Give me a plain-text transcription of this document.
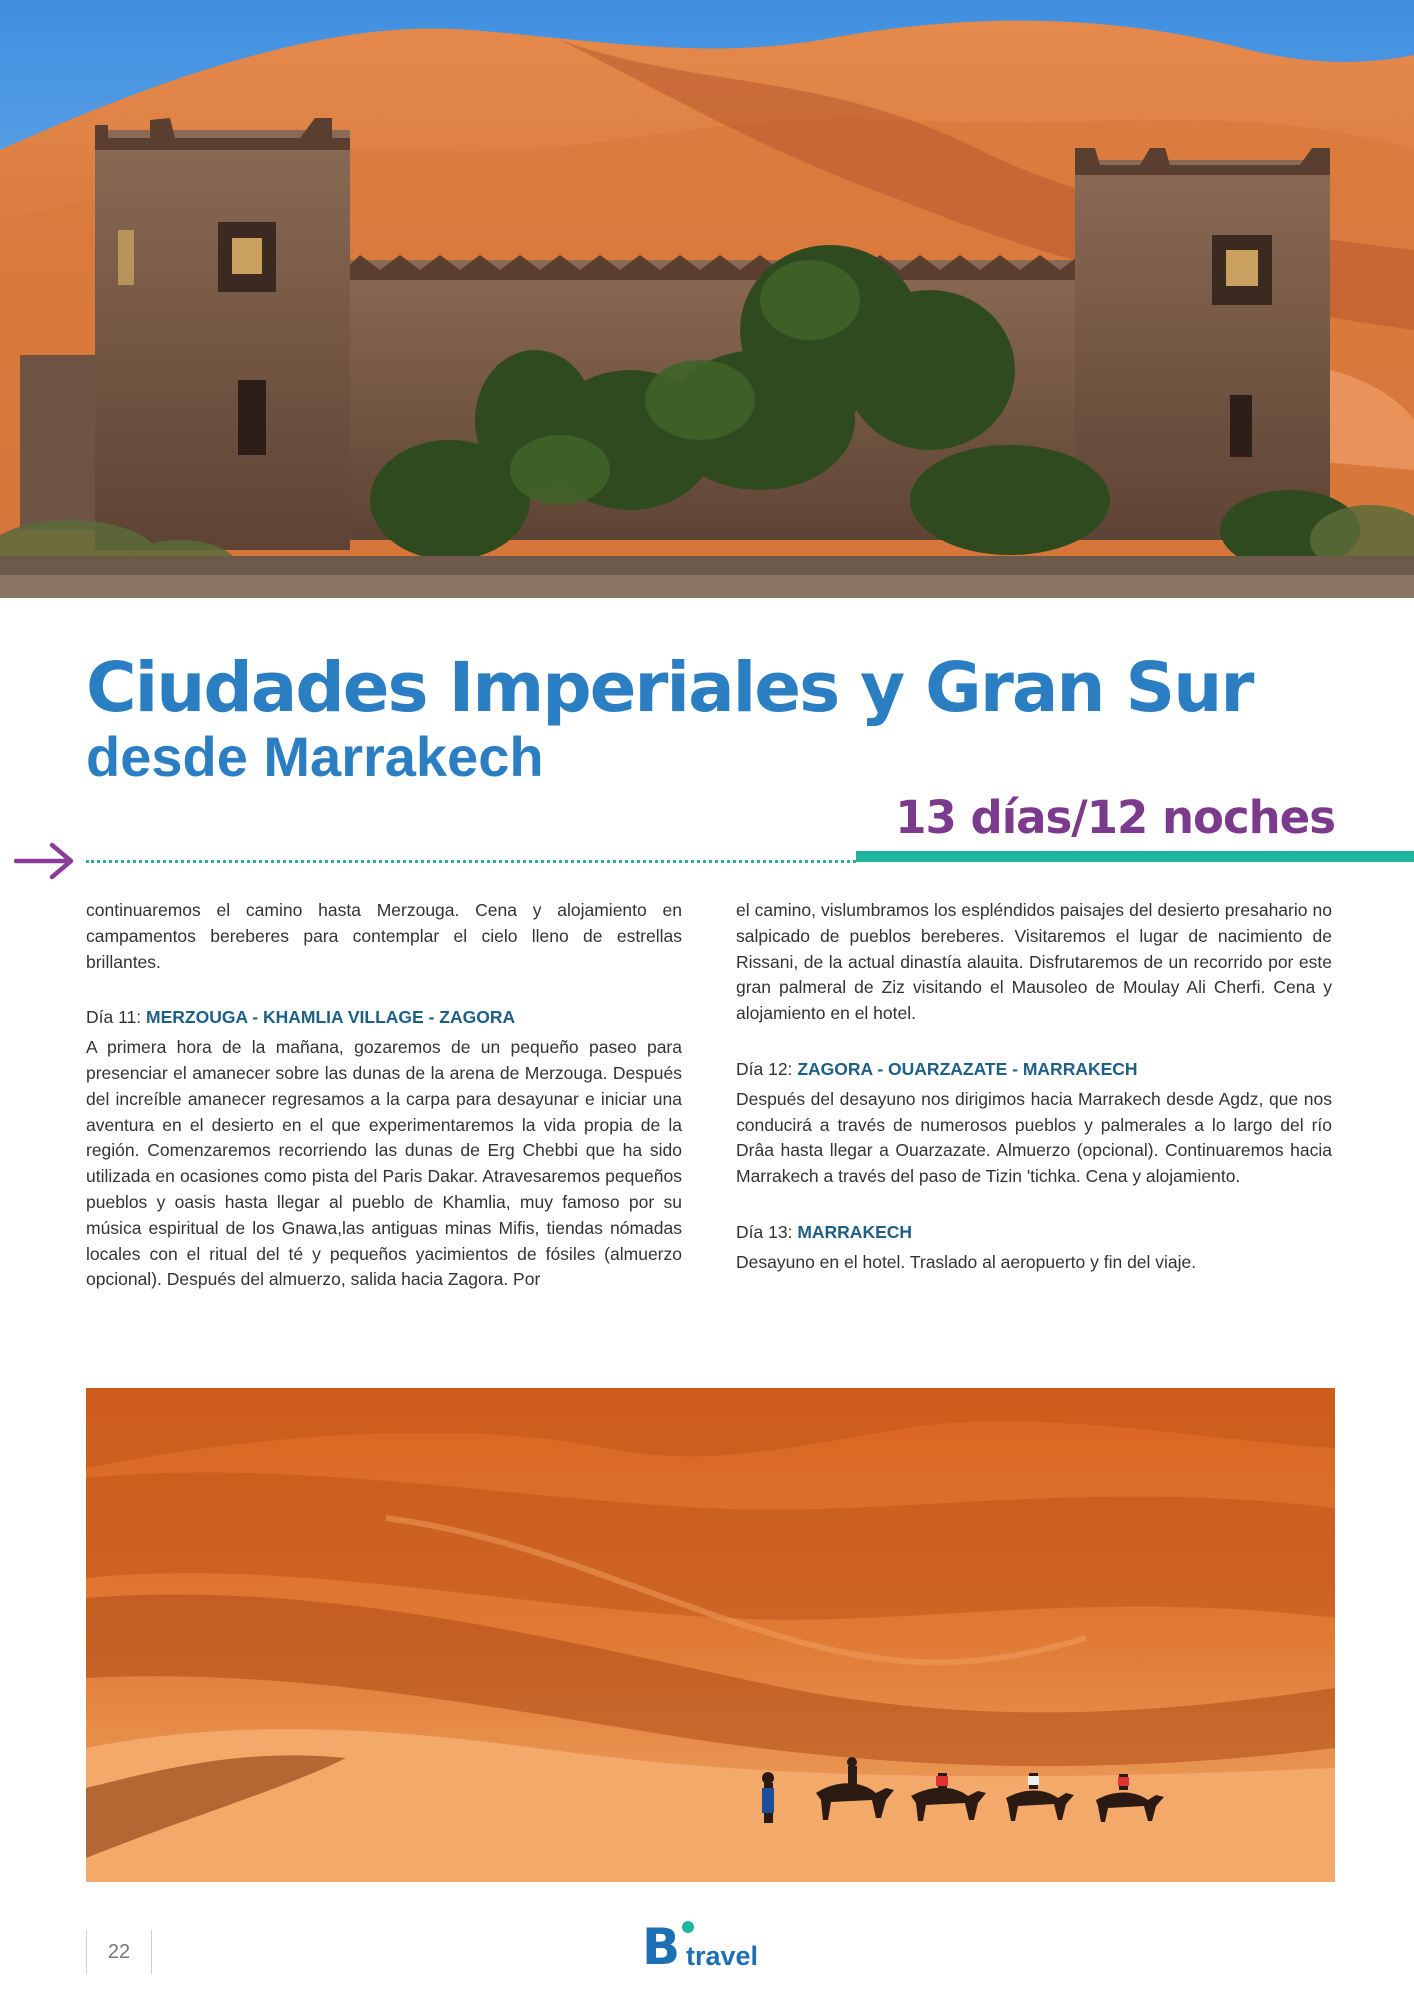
Ciudades Imperiales y Gran Sur
desde Marrakech
13 días/12 noches

continuaremos el camino hasta Merzouga. Cena y alojamiento en campamentos bereberes para contemplar el cielo lleno de estrellas brillantes.

Día 11: MERZOUGA - KHAMLIA VILLAGE - ZAGORA

A primera hora de la mañana, gozaremos de un pequeño paseo para presenciar el amanecer sobre las dunas de la arena de Merzouga. Después del increíble amanecer regresamos a la carpa para desayunar e iniciar una aventura en el desierto en el que experimentaremos la vida propia de la región. Comenzaremos recorriendo las dunas de Erg Chebbi que ha sido utilizada en ocasiones como pista del Paris Dakar. Atravesaremos pequeños pueblos y oasis hasta llegar al pueblo de Khamlia, muy famoso por su música espiritual de los Gnawa,las antiguas minas Mifis, tiendas nómadas locales con el ritual del té y pequeños yacimientos de fósiles (almuerzo opcional). Después del almuerzo, salida hacia Zagora. Por

el camino, vislumbramos los espléndidos paisajes del desierto presahario no salpicado de pueblos bereberes. Visitaremos el lugar de nacimiento de Rissani, de la actual dinastía alauita. Disfrutaremos de un recorrido por este gran palmeral de Ziz visitando el Mausoleo de Moulay Ali Cherfi. Cena y alojamiento en el hotel.

Día 12: ZAGORA - OUARZAZATE - MARRAKECH

Después del desayuno nos dirigimos hacia Marrakech desde Agdz, que nos conducirá a través de numerosos pueblos y palmerales a lo largo del río Drâa hasta llegar a Ouarzazate. Almuerzo (opcional). Continuaremos hacia Marrakech a través del paso de Tizin 'tichka. Cena y alojamiento.

Día 13: MARRAKECH

Desayuno en el hotel. Traslado al aeropuerto y fin del viaje.

22	B travel
